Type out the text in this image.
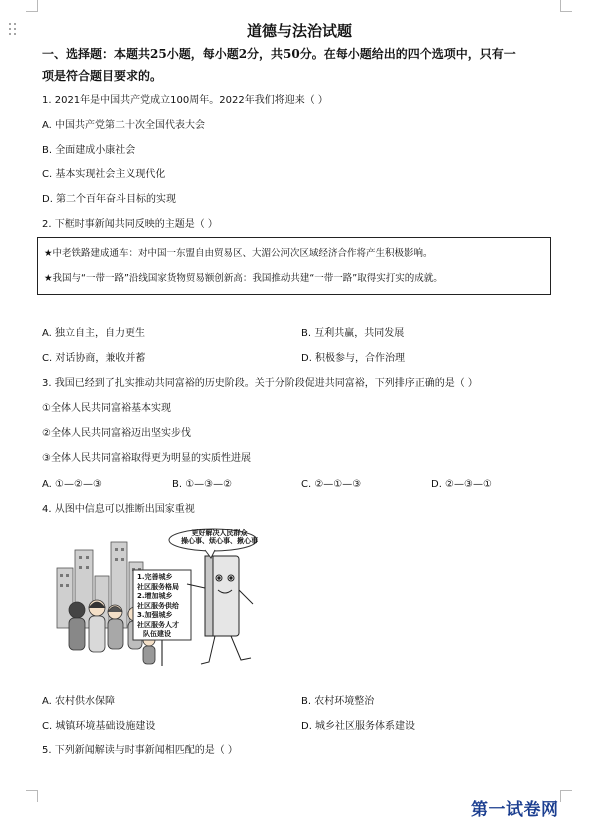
道德与法治试题
一、选择题：本题共25小题，每小题2分，共50分。在每小题给出的四个选项中，只有一
项是符合题目要求的。
1. 2021年是中国共产党成立100周年。2022年我们将迎来（ ）
A. 中国共产党第二十次全国代表大会
B. 全面建成小康社会
C. 基本实现社会主义现代化
D. 第二个百年奋斗目标的实现
2. 下框时事新闻共同反映的主题是（ ）
★中老铁路建成通车：对中国一东盟自由贸易区、大湄公河次区域经济合作将产生积极影响。
★我国与“一带一路”沿线国家货物贸易额创新高：我国推动共建“一带一路”取得实打实的成就。
A. 独立自主，自力更生	B. 互利共赢，共同发展
C. 对话协商，兼收并蓄	D. 积极参与，合作治理
3. 我国已经到了扎实推动共同富裕的历史阶段。关于分阶段促进共同富裕，下列排序正确的是（ ）
①全体人民共同富裕基本实现
②全体人民共同富裕迈出坚实步伐
③全体人民共同富裕取得更为明显的实质性进展
A. ①—②—③	B. ①—③—②	C. ②—①—③	D. ②—③—①
4. 从图中信息可以推断出国家重视
更好解决人民群众
操心事、烦心事、揪心事
1.完善城乡
社区服务格局
2.增加城乡
社区服务供给
3.加强城乡
社区服务人才
队伍建设
A. 农村供水保障	B. 农村环境整治
C. 城镇环境基础设施建设	D. 城乡社区服务体系建设
5. 下列新闻解读与时事新闻相匹配的是（ ）
第一试卷网
